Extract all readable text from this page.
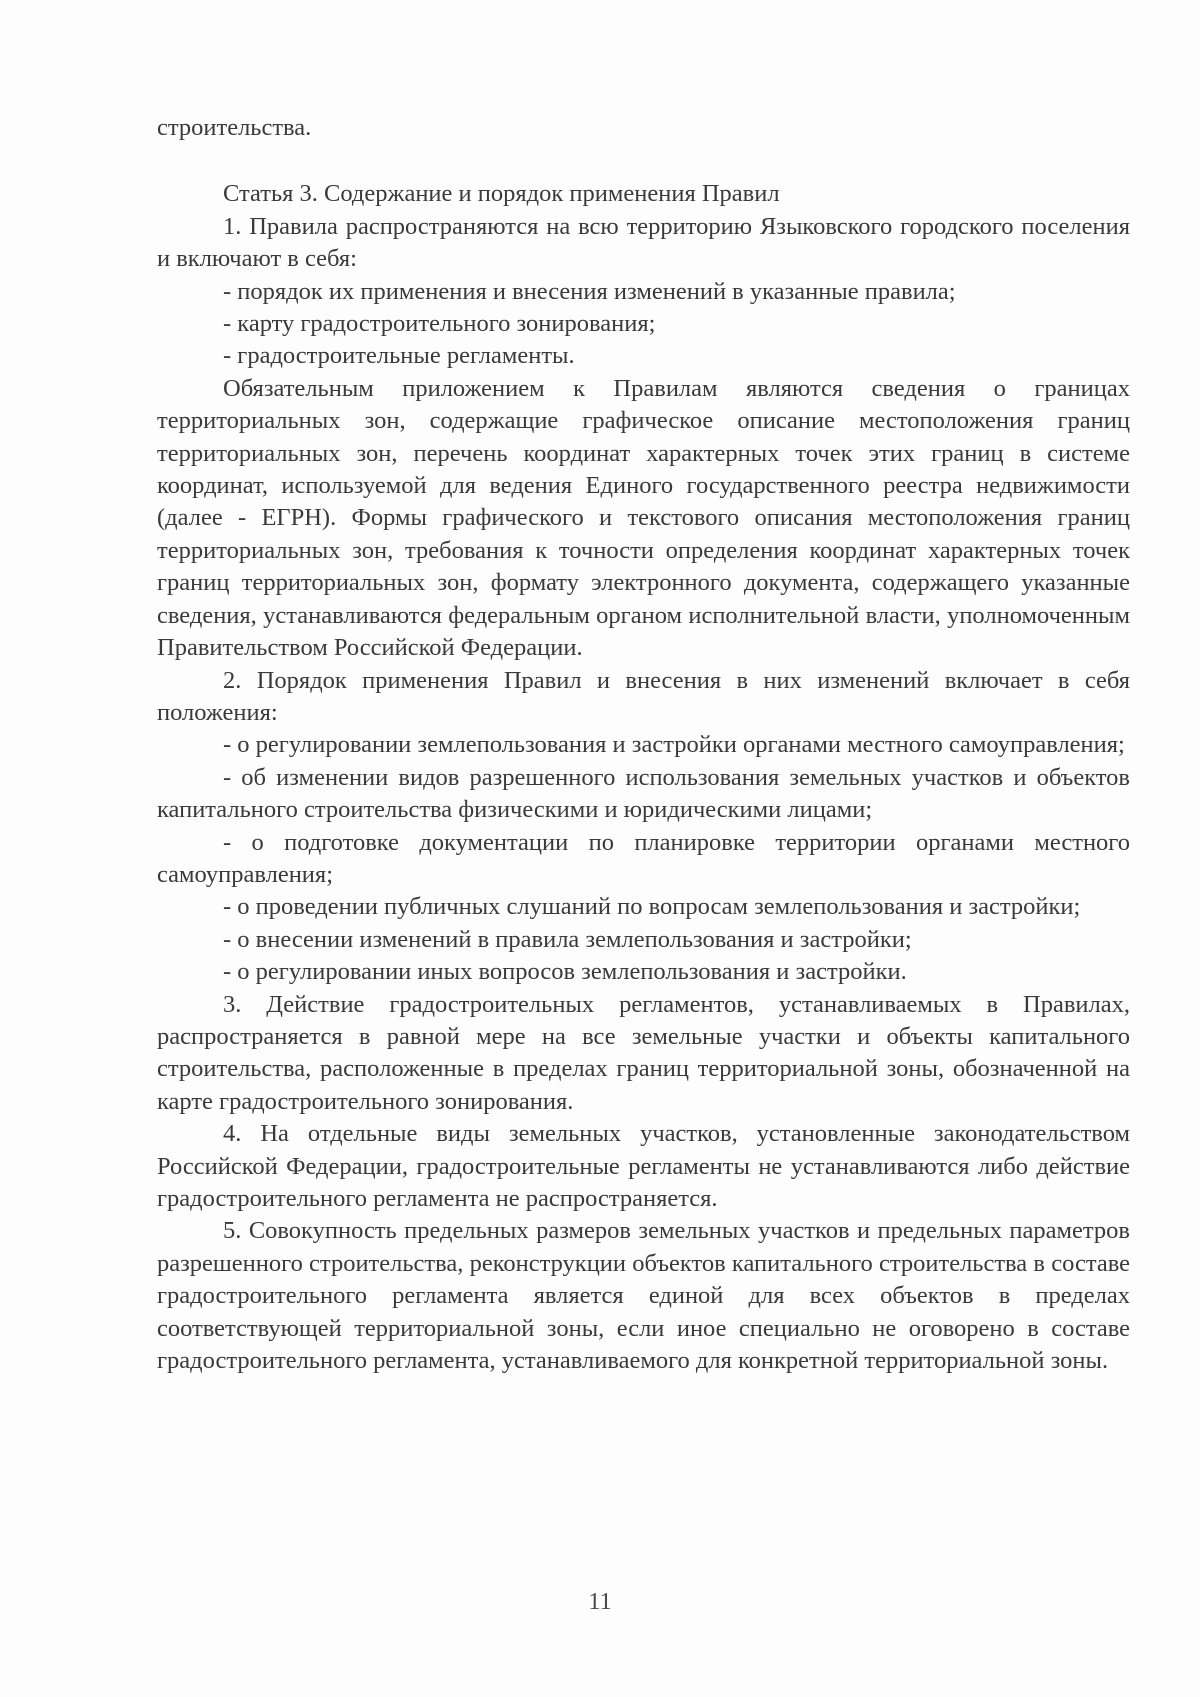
строительства.

Статья 3. Содержание и порядок применения Правил

1. Правила распространяются на всю территорию Языковского городского поселения и включают в себя:

- порядок их применения и внесения изменений в указанные правила;

- карту градостроительного зонирования;

- градостроительные регламенты.

Обязательным приложением к Правилам являются сведения о границах территориальных зон, содержащие графическое описание местоположения границ территориальных зон, перечень координат характерных точек этих границ в системе координат, используемой для ведения Единого государственного реестра недвижимости (далее - ЕГРН). Формы графического и текстового описания местоположения границ территориальных зон, требования к точности определения координат характерных точек границ территориальных зон, формату электронного документа, содержащего указанные сведения, устанавливаются федеральным органом исполнительной власти, уполномоченным Правительством Российской Федерации.

2. Порядок применения Правил и внесения в них изменений включает в себя положения:

- о регулировании землепользования и застройки органами местного самоуправления;

- об изменении видов разрешенного использования земельных участков и объектов капитального строительства физическими и юридическими лицами;

- о подготовке документации по планировке территории органами местного самоуправления;

- о проведении публичных слушаний по вопросам землепользования и застройки;

- о внесении изменений в правила землепользования и застройки;

- о регулировании иных вопросов землепользования и застройки.

3. Действие градостроительных регламентов, устанавливаемых в Правилах, распространяется в равной мере на все земельные участки и объекты капитального строительства, расположенные в пределах границ территориальной зоны, обозначенной на карте градостроительного зонирования.

4. На отдельные виды земельных участков, установленные законодательством Российской Федерации, градостроительные регламенты не устанавливаются либо действие градостроительного регламента не распространяется.

5. Совокупность предельных размеров земельных участков и предельных параметров разрешенного строительства, реконструкции объектов капитального строительства в составе градостроительного регламента является единой для всех объектов в пределах соответствующей территориальной зоны, если иное специально не оговорено в составе градостроительного регламента, устанавливаемого для конкретной территориальной зоны.

11
